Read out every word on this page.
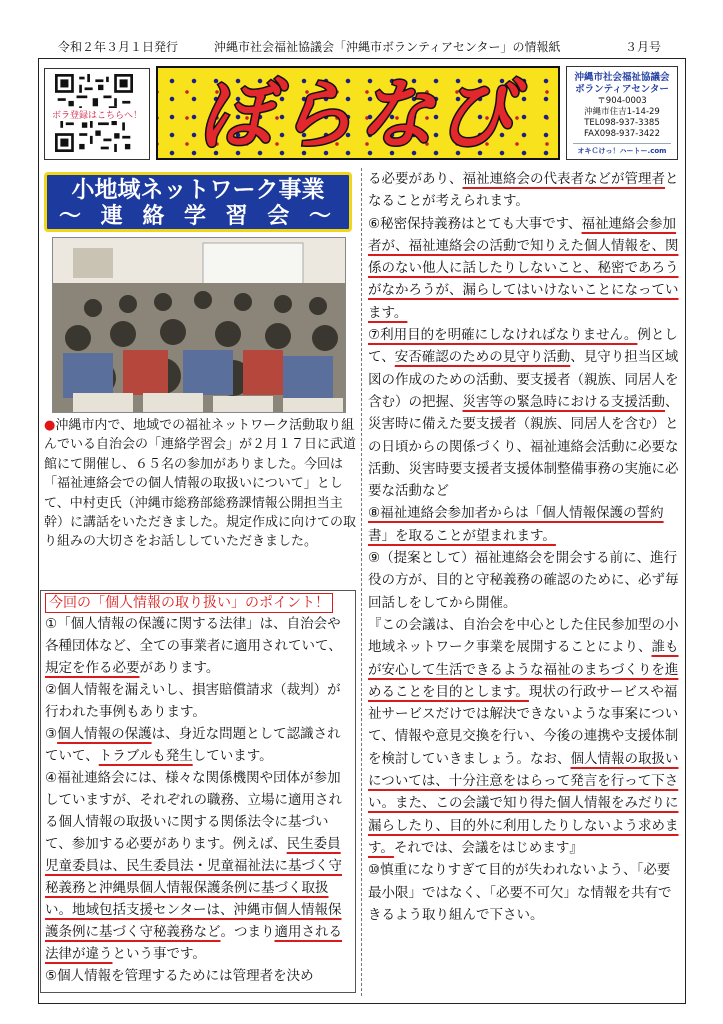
令和２年３月１日発行	沖縄市社会福祉協議会「沖縄市ボランティアセンター」の情報紙	３月号
ボラ登録はこちらへ！ ぼらなび	沖縄市社会福祉協議会
ボランティアセンター
〒904-0003
沖縄市住吉1-14-29
TEL098-937-3385
FAX098-937-3422
オキＣけっ！ハートー.com
小地域ネットワーク事業
～ 連 絡 学 習 会 ～
●沖縄市内で、地域での福祉ネットワーク活動取り組んでいる自治会の「連絡学習会」が２月１７日に武道館にて開催し、６５名の参加がありました。今回は「福祉連絡会での個人情報の取扱いについて」として、中村吏氏（沖縄市総務部総務課情報公開担当主幹）に講話をいただきました。規定作成に向けての取り組みの大切さをお話ししていただきました。
今回の「個人情報の取り扱い」のポイント！
①「個人情報の保護に関する法律」は、自治会や各種団体など、全ての事業者に適用されていて、規定を作る必要があります。
②個人情報を漏えいし、損害賠償請求（裁判）が行われた事例もあります。
③個人情報の保護は、身近な問題として認識されていて、トラブルも発生しています。
④福祉連絡会には、様々な関係機関や団体が参加していますが、それぞれの職務、立場に適用される個人情報の取扱いに関する関係法令に基づいて、参加する必要があります。例えば、民生委員児童委員は、民生委員法・児童福祉法に基づく守秘義務と沖縄県個人情報保護条例に基づく取扱い。地域包括支援センターは、沖縄市個人情報保護条例に基づく守秘義務など。つまり適用される法律が違うという事です。
⑤個人情報を管理するためには管理者を決め
る必要があり、福祉連絡会の代表者などが管理者となることが考えられます。
⑥秘密保持義務はとても大事です、福祉連絡会参加者が、福祉連絡会の活動で知りえた個人情報を、関係のない他人に話したりしないこと、秘密であろうがなかろうが、漏らしてはいけないことになっています。
⑦利用目的を明確にしなければなりません。例として、安否確認のための見守り活動、見守り担当区域図の作成のための活動、要支援者（親族、同居人を含む）の把握、災害等の緊急時における支援活動、災害時に備えた要支援者（親族、同居人を含む）との日頃からの関係づくり、福祉連絡会活動に必要な活動、災害時要支援者支援体制整備事務の実施に必要な活動など
⑧福祉連絡会参加者からは「個人情報保護の誓約書」を取ることが望まれます。
⑨（提案として）福祉連絡会を開会する前に、進行役の方が、目的と守秘義務の確認のために、必ず毎回話しをしてから開催。
『この会議は、自治会を中心とした住民参加型の小地域ネットワーク事業を展開することにより、誰もが安心して生活できるような福祉のまちづくりを進めることを目的とします。現状の行政サービスや福祉サービスだけでは解決できないような事案について、情報や意見交換を行い、今後の連携や支援体制を検討していきましょう。なお、個人情報の取扱いについては、十分注意をはらって発言を行って下さい。また、この会議で知り得た個人情報をみだりに漏らしたり、目的外に利用したりしないよう求めます。それでは、会議をはじめます』
⑩慎重になりすぎて目的が失われないよう、「必要最小限」ではなく、「必要不可欠」な情報を共有できるよう取り組んで下さい。
